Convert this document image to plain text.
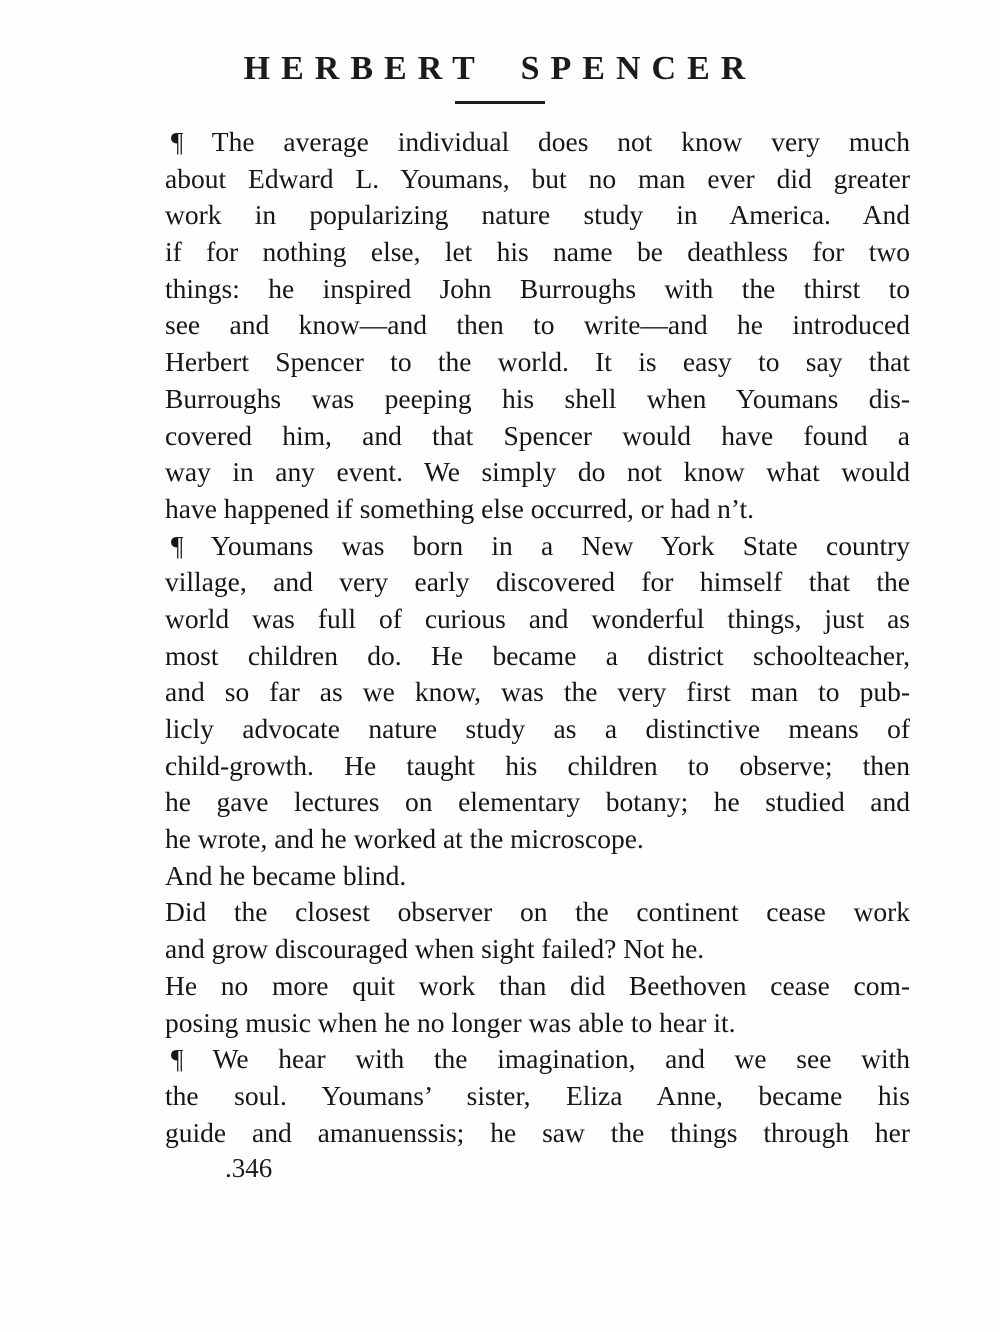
HERBERT SPENCER
¶ The average individual does not know very much
about Edward L. Youmans, but no man ever did greater
work in popularizing nature study in America. And
if for nothing else, let his name be deathless for two
things: he inspired John Burroughs with the thirst to
see and know—and then to write—and he introduced
Herbert Spencer to the world. It is easy to say that
Burroughs was peeping his shell when Youmans dis-
covered him, and that Spencer would have found a
way in any event. We simply do not know what would
have happened if something else occurred, or had n’t.
¶ Youmans was born in a New York State country
village, and very early discovered for himself that the
world was full of curious and wonderful things, just as
most children do. He became a district schoolteacher,
and so far as we know, was the very first man to pub-
licly advocate nature study as a distinctive means of
child-growth. He taught his children to observe; then
he gave lectures on elementary botany; he studied and
he wrote, and he worked at the microscope.
And he became blind.
Did the closest observer on the continent cease work
and grow discouraged when sight failed? Not he.
He no more quit work than did Beethoven cease com-
posing music when he no longer was able to hear it.
¶ We hear with the imagination, and we see with
the soul. Youmans’ sister, Eliza Anne, became his
guide and amanuenssis; he saw the things through her
.346
